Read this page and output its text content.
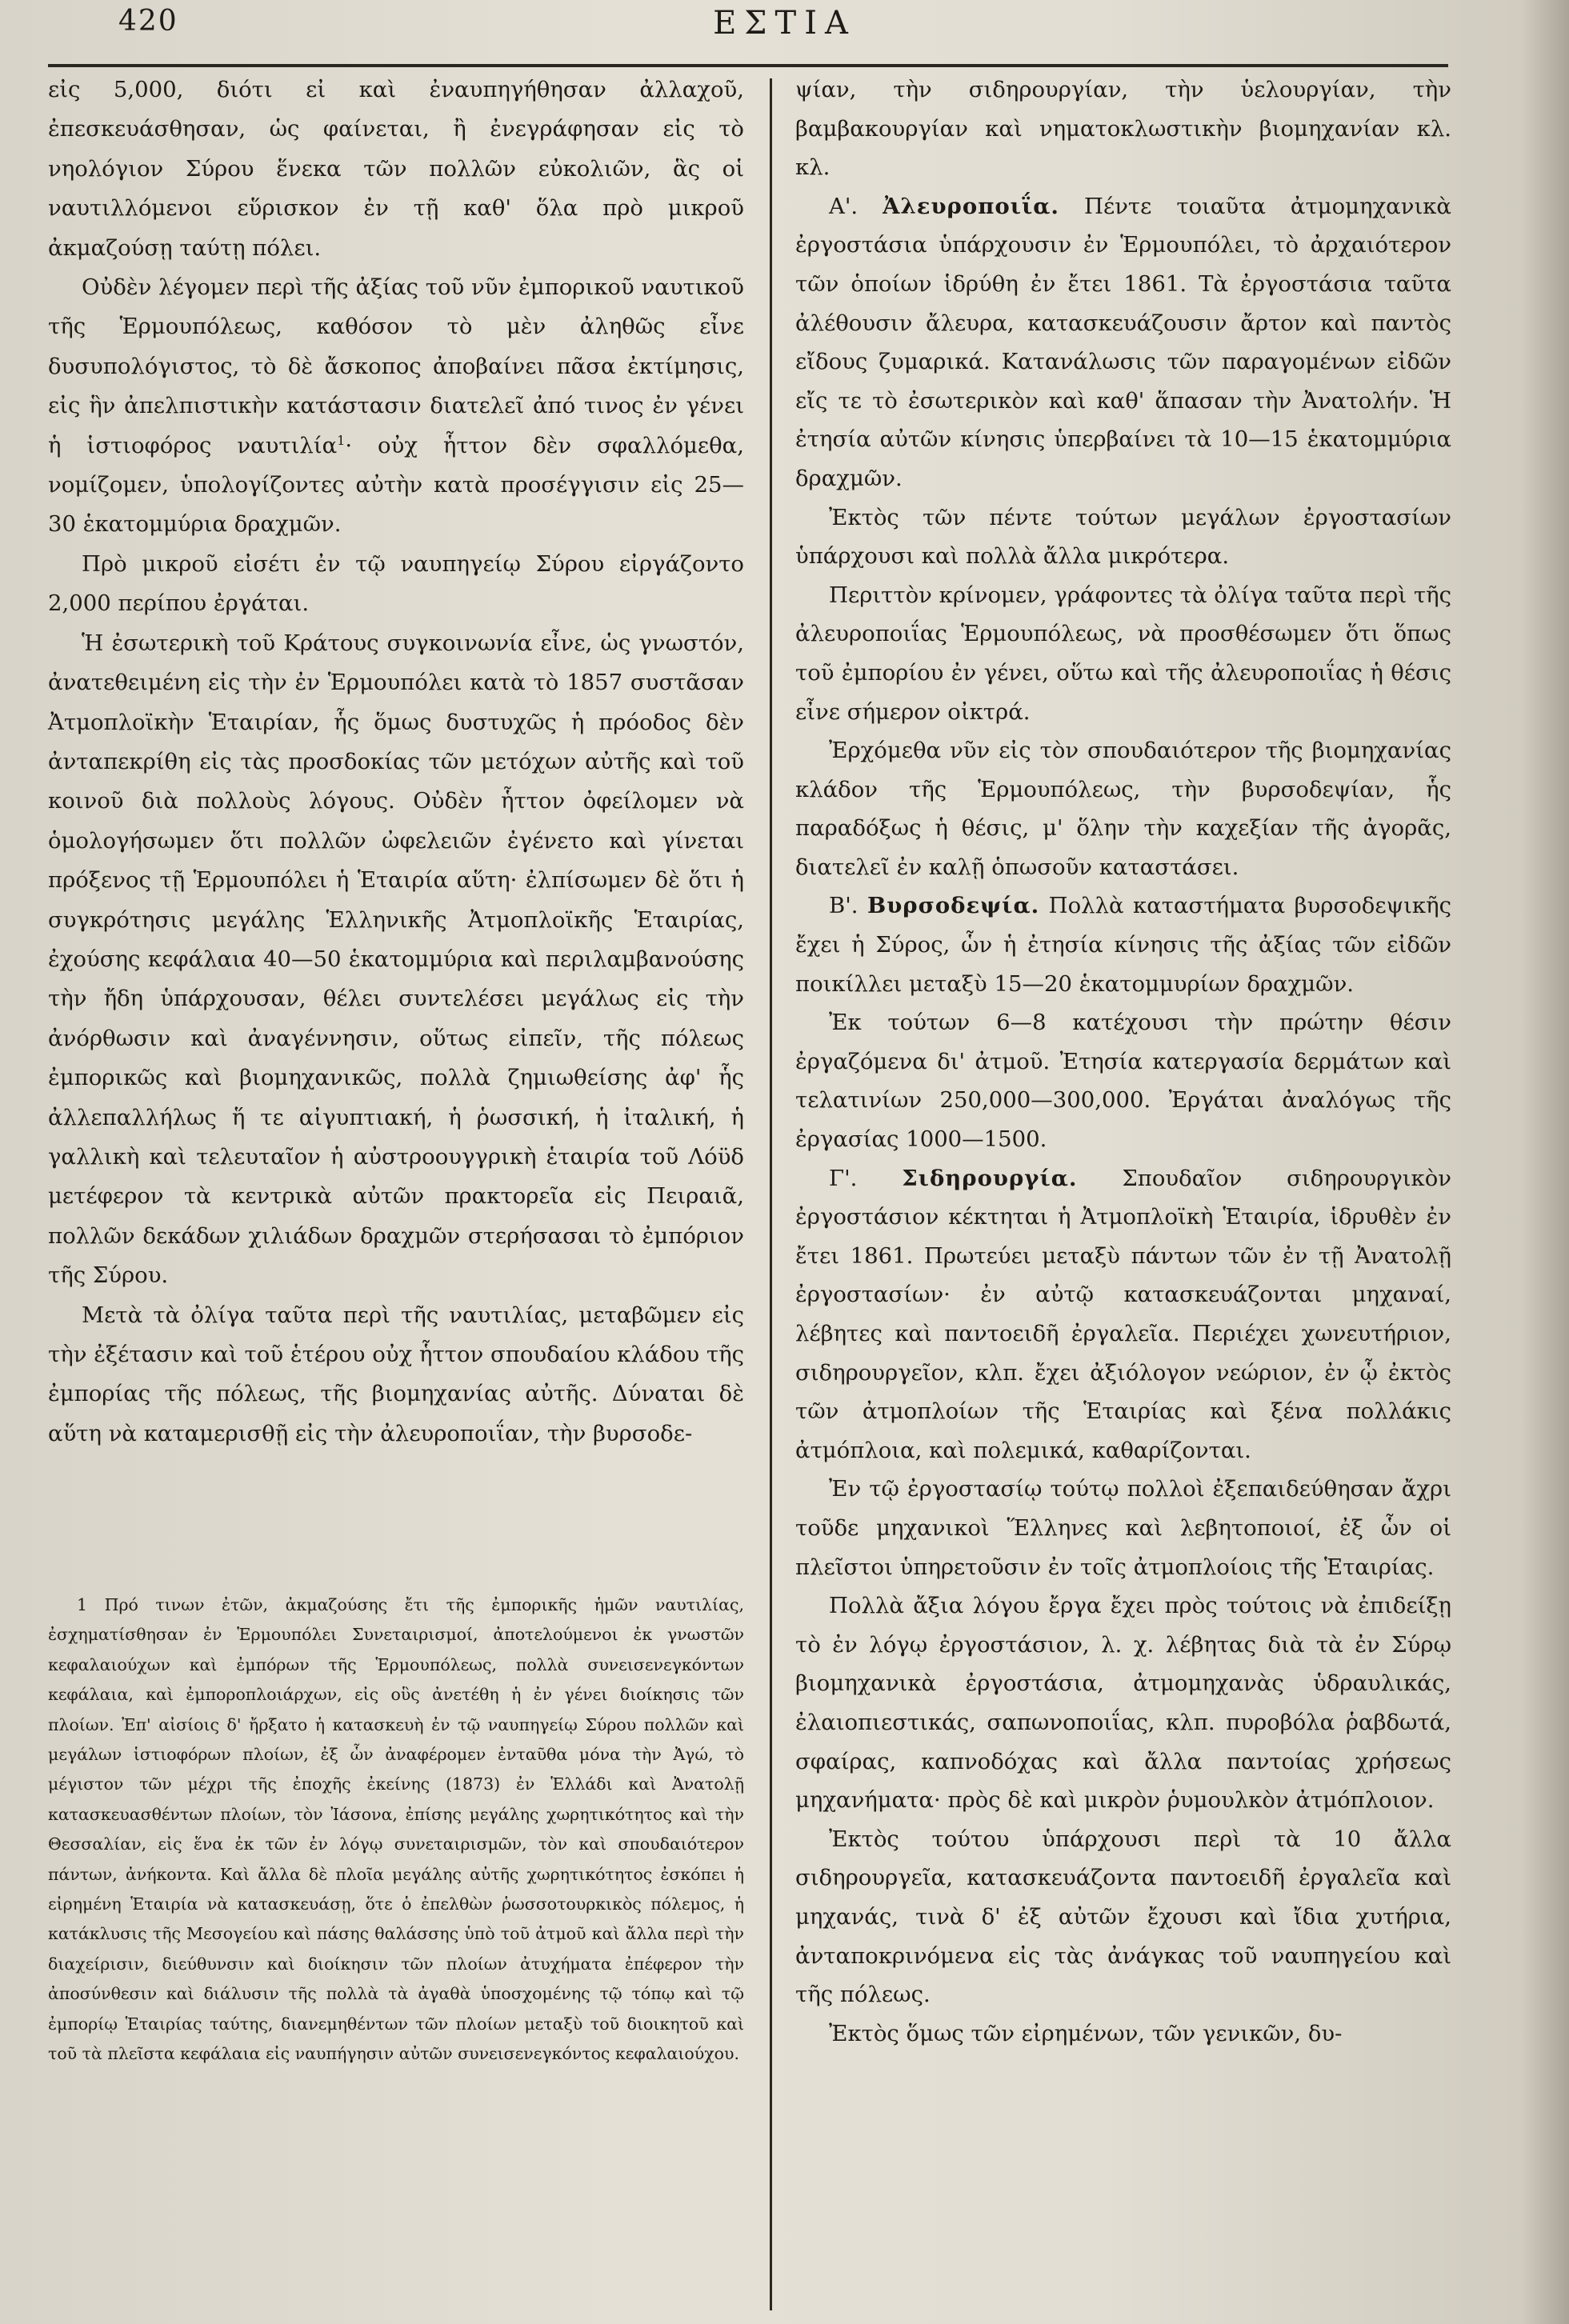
420	ΕΣΤΙΑ

εἰς 5,000, διότι εἰ καὶ ἐναυπηγήθησαν ἀλλαχοῦ, ἐπεσκευάσθησαν, ὡς φαίνεται, ἢ ἐνεγράφησαν εἰς τὸ νηολόγιον Σύρου ἕνεκα τῶν πολλῶν εὐκολιῶν, ἃς οἱ ναυτιλλόμενοι εὕρισκον ἐν τῇ καθ' ὅλα πρὸ μικροῦ ἀκμαζούσῃ ταύτῃ πόλει.

Οὐδὲν λέγομεν περὶ τῆς ἀξίας τοῦ νῦν ἐμπορικοῦ ναυτικοῦ τῆς Ἑρμουπόλεως, καθόσον τὸ μὲν ἀληθῶς εἶνε δυσυπολόγιστος, τὸ δὲ ἄσκοπος ἀποβαίνει πᾶσα ἐκτίμησις, εἰς ἣν ἀπελπιστικὴν κατάστασιν διατελεῖ ἀπό τινος ἐν γένει ἡ ἱστιοφόρος ναυτιλία$^1$· οὐχ ἧττον δὲν σφαλλόμεθα, νομίζομεν, ὑπολογίζοντες αὐτὴν κατὰ προσέγγισιν εἰς 25—30 ἑκατομμύρια δραχμῶν.

Πρὸ μικροῦ εἰσέτι ἐν τῷ ναυπηγείῳ Σύρου εἰργάζοντο 2,000 περίπου ἐργάται.

Ἡ ἐσωτερικὴ τοῦ Κράτους συγκοινωνία εἶνε, ὡς γνωστόν, ἀνατεθειμένη εἰς τὴν ἐν Ἑρμουπόλει κατὰ τὸ 1857 συστᾶσαν Ἀτμοπλοϊκὴν Ἑταιρίαν, ἧς ὅμως δυστυχῶς ἡ πρόοδος δὲν ἀνταπεκρίθη εἰς τὰς προσδοκίας τῶν μετόχων αὐτῆς καὶ τοῦ κοινοῦ διὰ πολλοὺς λόγους. Οὐδὲν ἧττον ὀφείλομεν νὰ ὁμολογήσωμεν ὅτι πολλῶν ὠφελειῶν ἐγένετο καὶ γίνεται πρόξενος τῇ Ἑρμουπόλει ἡ Ἑταιρία αὕτη· ἐλπίσωμεν δὲ ὅτι ἡ συγκρότησις μεγάλης Ἑλληνικῆς Ἀτμοπλοϊκῆς Ἑταιρίας, ἐχούσης κεφάλαια 40—50 ἑκατομμύρια καὶ περιλαμβανούσης τὴν ἤδη ὑπάρχουσαν, θέλει συντελέσει μεγάλως εἰς τὴν ἀνόρθωσιν καὶ ἀναγέννησιν, οὕτως εἰπεῖν, τῆς πόλεως ἐμπορικῶς καὶ βιομηχανικῶς, πολλὰ ζημιωθείσης ἀφ' ἧς ἀλλεπαλλήλως ἥ τε αἰγυπτιακή, ἡ ῥωσσική, ἡ ἰταλική, ἡ γαλλικὴ καὶ τελευταῖον ἡ αὐστροουγγρικὴ ἑταιρία τοῦ Λόϋδ μετέφερον τὰ κεντρικὰ αὐτῶν πρακτορεῖα εἰς Πειραιᾶ, πολλῶν δεκάδων χιλιάδων δραχμῶν στερήσασαι τὸ ἐμπόριον τῆς Σύρου.

Μετὰ τὰ ὀλίγα ταῦτα περὶ τῆς ναυτιλίας, μεταβῶμεν εἰς τὴν ἐξέτασιν καὶ τοῦ ἑτέρου οὐχ ἧττον σπουδαίου κλάδου τῆς ἐμπορίας τῆς πόλεως, τῆς βιομηχανίας αὐτῆς. Δύναται δὲ αὕτη νὰ καταμερισθῇ εἰς τὴν ἀλευροποιΐαν, τὴν βυρσοδε-

1 Πρό τινων ἐτῶν, ἀκμαζούσης ἔτι τῆς ἐμπορικῆς ἡμῶν ναυτιλίας, ἐσχηματίσθησαν ἐν Ἑρμουπόλει Συνεταιρισμοί, ἀποτελούμενοι ἐκ γνωστῶν κεφαλαιούχων καὶ ἐμπόρων τῆς Ἑρμουπόλεως, πολλὰ συνεισενεγκόντων κεφάλαια, καὶ ἐμποροπλοιάρχων, εἰς οὓς ἀνετέθη ἡ ἐν γένει διοίκησις τῶν πλοίων. Ἐπ' αἰσίοις δ' ἤρξατο ἡ κατασκευὴ ἐν τῷ ναυπηγείῳ Σύρου πολλῶν καὶ μεγάλων ἱστιοφόρων πλοίων, ἐξ ὧν ἀναφέρομεν ἐνταῦθα μόνα τὴν Ἀγώ, τὸ μέγιστον τῶν μέχρι τῆς ἐποχῆς ἐκείνης (1873) ἐν Ἑλλάδι καὶ Ἀνατολῇ κατασκευασθέντων πλοίων, τὸν Ἰάσονα, ἐπίσης μεγάλης χωρητικότητος καὶ τὴν Θεσσαλίαν, εἰς ἕνα ἐκ τῶν ἐν λόγῳ συνεταιρισμῶν, τὸν καὶ σπουδαιότερον πάντων, ἀνήκοντα. Καὶ ἄλλα δὲ πλοῖα μεγάλης αὐτῆς χωρητικότητος ἐσκόπει ἡ εἰρημένη Ἑταιρία νὰ κατασκευάσῃ, ὅτε ὁ ἐπελθὼν ῥωσσοτουρκικὸς πόλεμος, ἡ κατάκλυσις τῆς Μεσογείου καὶ πάσης θαλάσσης ὑπὸ τοῦ ἀτμοῦ καὶ ἄλλα περὶ τὴν διαχείρισιν, διεύθυνσιν καὶ διοίκησιν τῶν πλοίων ἀτυχήματα ἐπέφερον τὴν ἀποσύνθεσιν καὶ διάλυσιν τῆς πολλὰ τὰ ἀγαθὰ ὑποσχομένης τῷ τόπῳ καὶ τῷ ἐμπορίῳ Ἑταιρίας ταύτης, διανεμηθέντων τῶν πλοίων μεταξὺ τοῦ διοικητοῦ καὶ τοῦ τὰ πλεῖστα κεφάλαια εἰς ναυπήγησιν αὐτῶν συνεισενεγκόντος κεφαλαιούχου.

ψίαν, τὴν σιδηρουργίαν, τὴν ὑελουργίαν, τὴν βαμβακουργίαν καὶ νηματοκλωστικὴν βιομηχανίαν κλ. κλ.

Α'. Ἀλευροποιΐα. Πέντε τοιαῦτα ἀτμομηχανικὰ ἐργοστάσια ὑπάρχουσιν ἐν Ἑρμουπόλει, τὸ ἀρχαιότερον τῶν ὁποίων ἱδρύθη ἐν ἔτει 1861. Τὰ ἐργοστάσια ταῦτα ἀλέθουσιν ἄλευρα, κατασκευάζουσιν ἄρτον καὶ παντὸς εἴδους ζυμαρικά. Κατανάλωσις τῶν παραγομένων εἰδῶν εἴς τε τὸ ἐσωτερικὸν καὶ καθ' ἅπασαν τὴν Ἀνατολήν. Ἡ ἐτησία αὐτῶν κίνησις ὑπερβαίνει τὰ 10—15 ἑκατομμύρια δραχμῶν.

Ἐκτὸς τῶν πέντε τούτων μεγάλων ἐργοστασίων ὑπάρχουσι καὶ πολλὰ ἄλλα μικρότερα.

Περιττὸν κρίνομεν, γράφοντες τὰ ὀλίγα ταῦτα περὶ τῆς ἀλευροποιΐας Ἑρμουπόλεως, νὰ προσθέσωμεν ὅτι ὅπως τοῦ ἐμπορίου ἐν γένει, οὕτω καὶ τῆς ἀλευροποιΐας ἡ θέσις εἶνε σήμερον οἰκτρά.

Ἐρχόμεθα νῦν εἰς τὸν σπουδαιότερον τῆς βιομηχανίας κλάδον τῆς Ἑρμουπόλεως, τὴν βυρσοδεψίαν, ἧς παραδόξως ἡ θέσις, μ' ὅλην τὴν καχεξίαν τῆς ἀγορᾶς, διατελεῖ ἐν καλῇ ὁπωσοῦν καταστάσει.

Β'. Βυρσοδεψία. Πολλὰ καταστήματα βυρσοδεψικῆς ἔχει ἡ Σύρος, ὧν ἡ ἐτησία κίνησις τῆς ἀξίας τῶν εἰδῶν ποικίλλει μεταξὺ 15—20 ἑκατομμυρίων δραχμῶν.

Ἐκ τούτων 6—8 κατέχουσι τὴν πρώτην θέσιν ἐργαζόμενα δι' ἀτμοῦ. Ἐτησία κατεργασία δερμάτων καὶ τελατινίων 250,000—300,000. Ἐργάται ἀναλόγως τῆς ἐργασίας 1000—1500.

Γ'. Σιδηρουργία. Σπουδαῖον σιδηρουργικὸν ἐργοστάσιον κέκτηται ἡ Ἀτμοπλοϊκὴ Ἑταιρία, ἱδρυθὲν ἐν ἔτει 1861. Πρωτεύει μεταξὺ πάντων τῶν ἐν τῇ Ἀνατολῇ ἐργοστασίων· ἐν αὐτῷ κατασκευάζονται μηχαναί, λέβητες καὶ παντοειδῆ ἐργαλεῖα. Περιέχει χωνευτήριον, σιδηρουργεῖον, κλπ. ἔχει ἀξιόλογον νεώριον, ἐν ᾧ ἐκτὸς τῶν ἀτμοπλοίων τῆς Ἑταιρίας καὶ ξένα πολλάκις ἀτμόπλοια, καὶ πολεμικά, καθαρίζονται.

Ἐν τῷ ἐργοστασίῳ τούτῳ πολλοὶ ἐξεπαιδεύθησαν ἄχρι τοῦδε μηχανικοὶ Ἕλληνες καὶ λεβητοποιοί, ἐξ ὧν οἱ πλεῖστοι ὑπηρετοῦσιν ἐν τοῖς ἀτμοπλοίοις τῆς Ἑταιρίας.

Πολλὰ ἄξια λόγου ἔργα ἔχει πρὸς τούτοις νὰ ἐπιδείξῃ τὸ ἐν λόγῳ ἐργοστάσιον, λ. χ. λέβητας διὰ τὰ ἐν Σύρῳ βιομηχανικὰ ἐργοστάσια, ἀτμομηχανὰς ὑδραυλικάς, ἐλαιοπιεστικάς, σαπωνοποιΐας, κλπ. πυροβόλα ῥαβδωτά, σφαίρας, καπνοδόχας καὶ ἄλλα παντοίας χρήσεως μηχανήματα· πρὸς δὲ καὶ μικρὸν ῥυμουλκὸν ἀτμόπλοιον.

Ἐκτὸς τούτου ὑπάρχουσι περὶ τὰ 10 ἄλλα σιδηρουργεῖα, κατασκευάζοντα παντοειδῆ ἐργαλεῖα καὶ μηχανάς, τινὰ δ' ἐξ αὐτῶν ἔχουσι καὶ ἴδια χυτήρια, ἀνταποκρινόμενα εἰς τὰς ἀνάγκας τοῦ ναυπηγείου καὶ τῆς πόλεως.

Ἐκτὸς ὅμως τῶν εἰρημένων, τῶν γενικῶν, δυ-
